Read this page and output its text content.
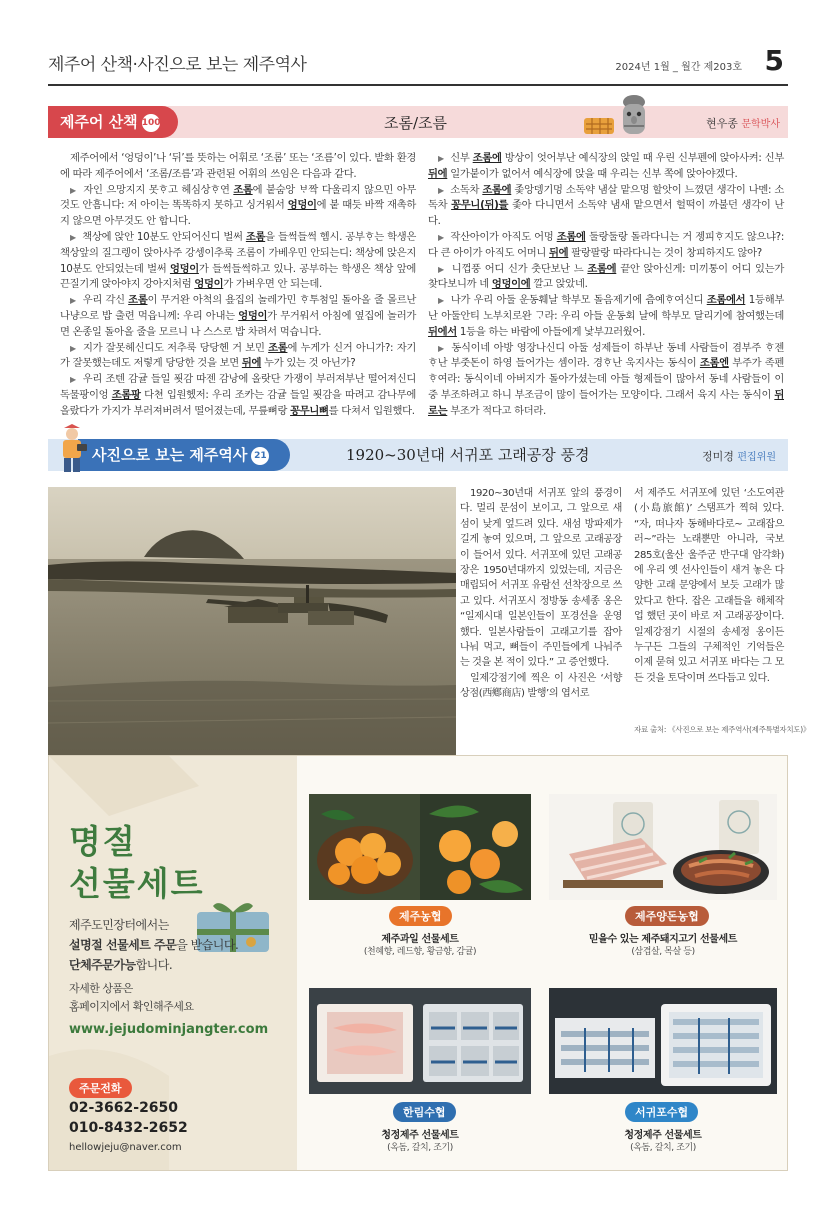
제주어 산책·사진으로 보는 제주역사	2024년 1월 _ 월간 제203호 5
제주어 산책 100	조롬/조름	현우종 문학박사

제주어에서 ‘엉덩이’나 ‘뒤’를 뜻하는 어휘로 ‘조롬’ 또는 ‘조름’이 있다. 밭화 환경에 따라 제주어에서 ‘조롬/조름’과 관련된 어휘의 쓰임은 다음과 같다.

▶ 자인 으망지지 못ᄒᆞ고 헤심상ᄒᆞ연 조롬에 붙숨앙 ᄇᆞ짝 다울리지 않으민 아무것도 안흠니다: 저 아이는 똑똑하지 못하고 싱거워서 엉덩이에 붙 때듯 바짝 재촉하지 않으면 아무것도 안 합니다.

▶ 책상에 앉안 10분도 안되어신디 벌써 조롬을 들썩들썩 헴시. 공부ᄒᆞ는 학생은 책상앞의 질그렝이 앉아사주 강셍이추룩 조롬이 가베우민 안되는디: 책상에 앉은지 10분도 안되었는데 벌써 엉덩이가 들썩들썩하고 있나. 공부하는 학생은 책상 앞에 끈질기게 앉아야지 강아지처럼 엉덩이가 가벼우면 안 되는데.

▶ 우리 각신 조롬이 무거완 아척의 욮집의 놀레가민 ᄒᆞ투첨일 돌아올 줄 몰르난 나냥으로 밥 출련 먹읍니께: 우리 아내는 엉덩이가 무거워서 아침에 옆집에 놀러가면 온종일 돌아올 줄을 모르니 나 스스로 밥 차려서 먹습니다.

▶ 지가 잘못헤신디도 저추룩 당당헨 거 보민 조롬에 누게가 신거 아니가?: 자기가 잘못했는데도 저렇게 당당한 것을 보면 뒤에 누가 있는 것 아닌가?

▶ 우리 조텐 감귤 들일 푓감 따젠 감낭에 올랏단 가쟁이 부러져부난 떨어져신디 독물팡이엉 조롬팡 다쳔 입원헸저: 우리 조카는 감귤 들일 푓감을 따려고 감나무에 올랐다가 가지가 부러져버려서 떨어졌는데, 무릎뼈랑 꽁무니뼈를 다쳐서 입원했다.

▶ 신부 조롬에 방상이 엇어부난 예식장의 앉일 때 우린 신부펜에 앉아사켜: 신부 뒤에 일가붙이가 없어서 예식장에 앉을 때 우리는 신부 쪽에 앉아야겠다.

▶ 소독차 조롬에 좇앙뎅기멍 소독약 냄살 맡으멍 할앗이 느꼈뎐 생각이 나멘: 소독차 꽁무니(뒤)를 좇아 다니면서 소독약 냄새 맡으면서 헐떡이 까불던 생각이 난다.

▶ 작산아이가 아직도 어멍 조롬에 둘랑둘랑 돌라다니는 거 젱피ᄒᆞ지도 않으냐?: 다 큰 아이가 아직도 어머니 뒤에 팔랑팔랑 따라다니는 것이 창피하지도 않아?

▶ 니껍풍 어디 신가 춧단보난 느 조롬에 끝안 앉아신게: 미끼통이 어디 있는가 찾다보니까 네 엉덩이에 깔고 앉았네.

▶ 나가 우리 아둘 운동훼날 학부모 돌음제기에 츰예ᄒᆞ여신디 조롬에서 1등해부난 아둘안티 노부치로완 ᄀᆞ라: 우리 아들 운동회 날에 학부모 달리기에 참여했는데 뒤에서 1등을 하는 바람에 아들에게 낯부끄러웠어.

▶ 동식이네 아방 영장나신디 아둘 성제들이 하부난 동네 사람들이 겸부주 ᄒᆞ젠 ᄒᆞ난 부줏돈이 하영 들어가는 셈이라. 경ᄒᆞ난 욱지사는 동식이 조롬엔 부주가 족펜 ᄒᆞ여라: 동식이네 아버지가 돌아가셨는데 아들 형제들이 많아서 동네 사람들이 이중 부조하려고 하니 부조금이 많이 들어가는 모양이다. 그래서 육지 사는 동식이 뒤로는 부조가 적다고 하더라.

사진으로 보는 제주역사 21	1920~30년대 서귀포 고래공장 풍경	정미경 편집위원

1920~30년대 서귀포 앞의 풍경이다. 멀리 문섬이 보이고, 그 앞으로 새섬이 낮게 엎드려 있다. 새섬 방파제가 길게 놓여 있으며, 그 앞으로 고래공장이 들어서 있다. 서귀포에 있던 고래공장은 1950년대까지 있었는데, 지금은 매립되어 서귀포 유람선 선착장으로 쓰고 있다. 서귀포시 정방동 송세종 옹은 “일제시대 일본인들이 포경선을 운영했다. 일본사람들이 고래고기를 잡아 나눠 먹고, 뼈들이 주민들에게 나눠주는 것을 본 적이 있다.” 고 증언했다.

일제강점기에 찍은 이 사진은 ‘서향상점(西鄕商店) 발행’의 엽서로

서 제주도 서귀포에 있던 ‘소도여관(小島旅館)’ 스탬프가 찍혀 있다. “자, 떠나자 동해바다로~ 고래잡으러~”라는 노래뿐만 아니라, 국보285호(울산 울주군 반구대 암각화)에 우리 옛 선사인들이 새겨 놓은 다양한 고래 문양에서 보듯 고래가 많았다고 한다. 잡은 고래들을 해체작업 했던 곳이 바로 저 고래공장이다. 일제강점기 시절의 송세정 옹이든 누구든 그들의 구체적인 기억들은 이제 묻혀 있고 서귀포 바다는 그 모든 것을 토닥이며 쓰다듬고 있다.

자료 출처: 《사진으로 보는 제주역사(제주특별자치도)》
명절
선물세트
제주도민장터에서는
설명절 선물세트 주문을 받습니다.
단체주문가능합니다.
자세한 상품은
홈페이지에서 확인해주세요
www.jejudominjangter.com
주문전화
02-3662-2650
010-8432-2652
hellowjeju@naver.com
제주농협
제주과일 선물세트
(천혜향, 레드향, 황금향, 감귤)
제주양돈농협
믿을수 있는 제주돼지고기 선물세트
(삼겹살, 목살 등)
한림수협
청정제주 선물세트
(옥돔, 갈치, 조기)
서귀포수협
청정제주 선물세트
(옥돔, 갈치, 조기)
